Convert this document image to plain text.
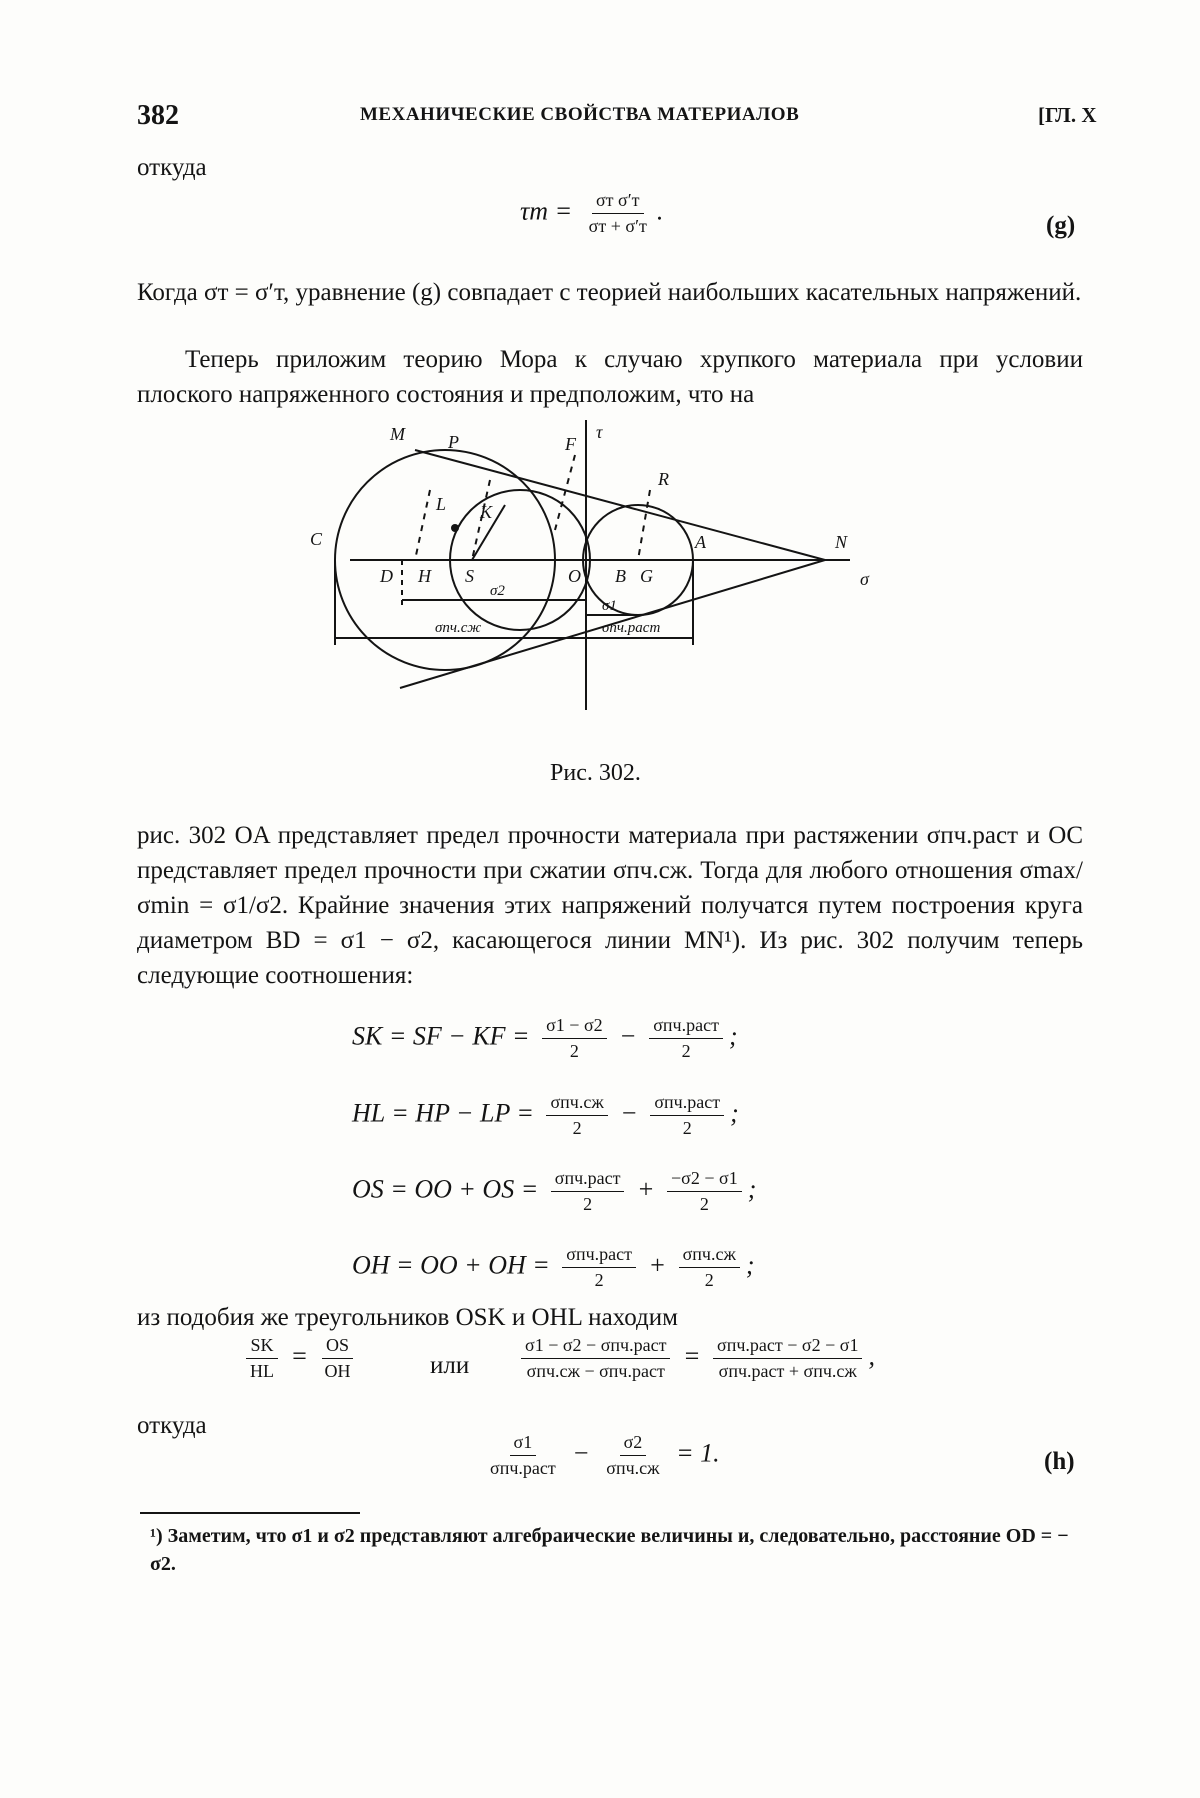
382	МЕХАНИЧЕСКИЕ СВОЙСТВА МАТЕРИАЛОВ	[ГЛ. X
откуда
$\tau т = \frac{\text{σт σ′т}}{\sigma т + \sigma'т}$ .
(g)
Когда σт = σ′т, уравнение (g) совпадает с теорией наибольших касательных напряжений.
Теперь приложим теорию Мора к случаю хрупкого материала при условии плоского напряженного состояния и предположим, что на
M P	τ
F
R
L K
C
D H S	O B G
A	N
σ
σ2
σ1
σпч.сж	σпч.раст
Рис. 302.
рис. 302 OA представляет предел прочности материала при растяжении σпч.раст и OC представляет предел прочности при сжатии σпч.сж. Тогда для любого отношения σmax/σmin = σ1/σ2. Крайние значения этих напряжений получатся путем построения круга диаметром BD = σ1 − σ2, касающегося линии MN¹). Из рис. 302 получим теперь следующие соотношения:
SK = SF − KF = $\frac{\sigma 1 - \sigma 2}{2} - \frac{\text{σпч.раст}}{2}$ ;
HL = HP − LP = $\frac{\text{σпч.сж}}{2} - \frac{\text{σпч.раст}}{2}$ ;
OS = OO + OS = $\frac{\text{σпч.раст}}{2} + \frac{-\sigma 2 - \sigma 1}{2}$ ;
OH = OO + OH = $\frac{\text{σпч.раст}}{2} + \frac{\text{σпч.сж}}{2}$ ;
из подобия же треугольников OSK и OHL находим
$\frac{SK}{HL} = \frac{OS}{OH}$	или	$\frac{\text{σ1 − σ2 − σпч.раст}}{\text{σпч.сж − σпч.раст}} = \frac{\text{σпч.раст − σ2 − σ1}}{\text{σпч.раст + σпч.сж}}$ ,
откуда
$\frac{\sigma 1}{\text{σпч.раст}} - \frac{\sigma 2}{\text{σпч.сж}} = 1$.	(h)
¹) Заметим, что σ1 и σ2 представляют алгебраические величины и, следовательно, расстояние OD = − σ2.
